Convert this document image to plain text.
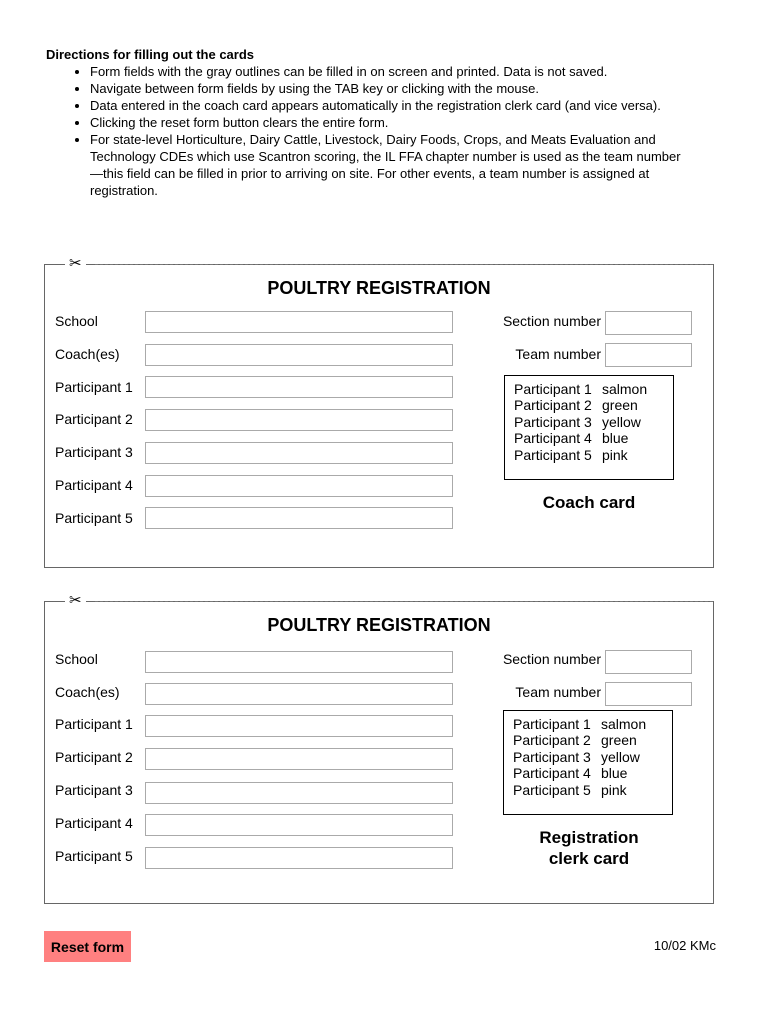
Directions for filling out the cards
• Form fields with the gray outlines can be filled in on screen and printed. Data is not saved.
• Navigate between form fields by using the TAB key or clicking with the mouse.
• Data entered in the coach card appears automatically in the registration clerk card (and vice versa).
• Clicking the reset form button clears the entire form.
• For state-level Horticulture, Dairy Cattle, Livestock, Dairy Foods, Crops, and Meats Evaluation and Technology CDEs which use Scantron scoring, the IL FFA chapter number is used as the team number—this field can be filled in prior to arriving on site. For other events, a team number is assigned at registration.
✂
POULTRY REGISTRATION
School
Coach(es)
Participant 1
Participant 2
Participant 3
Participant 4
Participant 5
Section number
Team number
Participant 1 salmon
Participant 2 green
Participant 3 yellow
Participant 4 blue
Participant 5 pink
Coach card
✂
POULTRY REGISTRATION
School
Coach(es)
Participant 1
Participant 2
Participant 3
Participant 4
Participant 5
Section number
Team number
Participant 1 salmon
Participant 2 green
Participant 3 yellow
Participant 4 blue
Participant 5 pink
Registration
clerk card
Reset form	10/02 KMc
